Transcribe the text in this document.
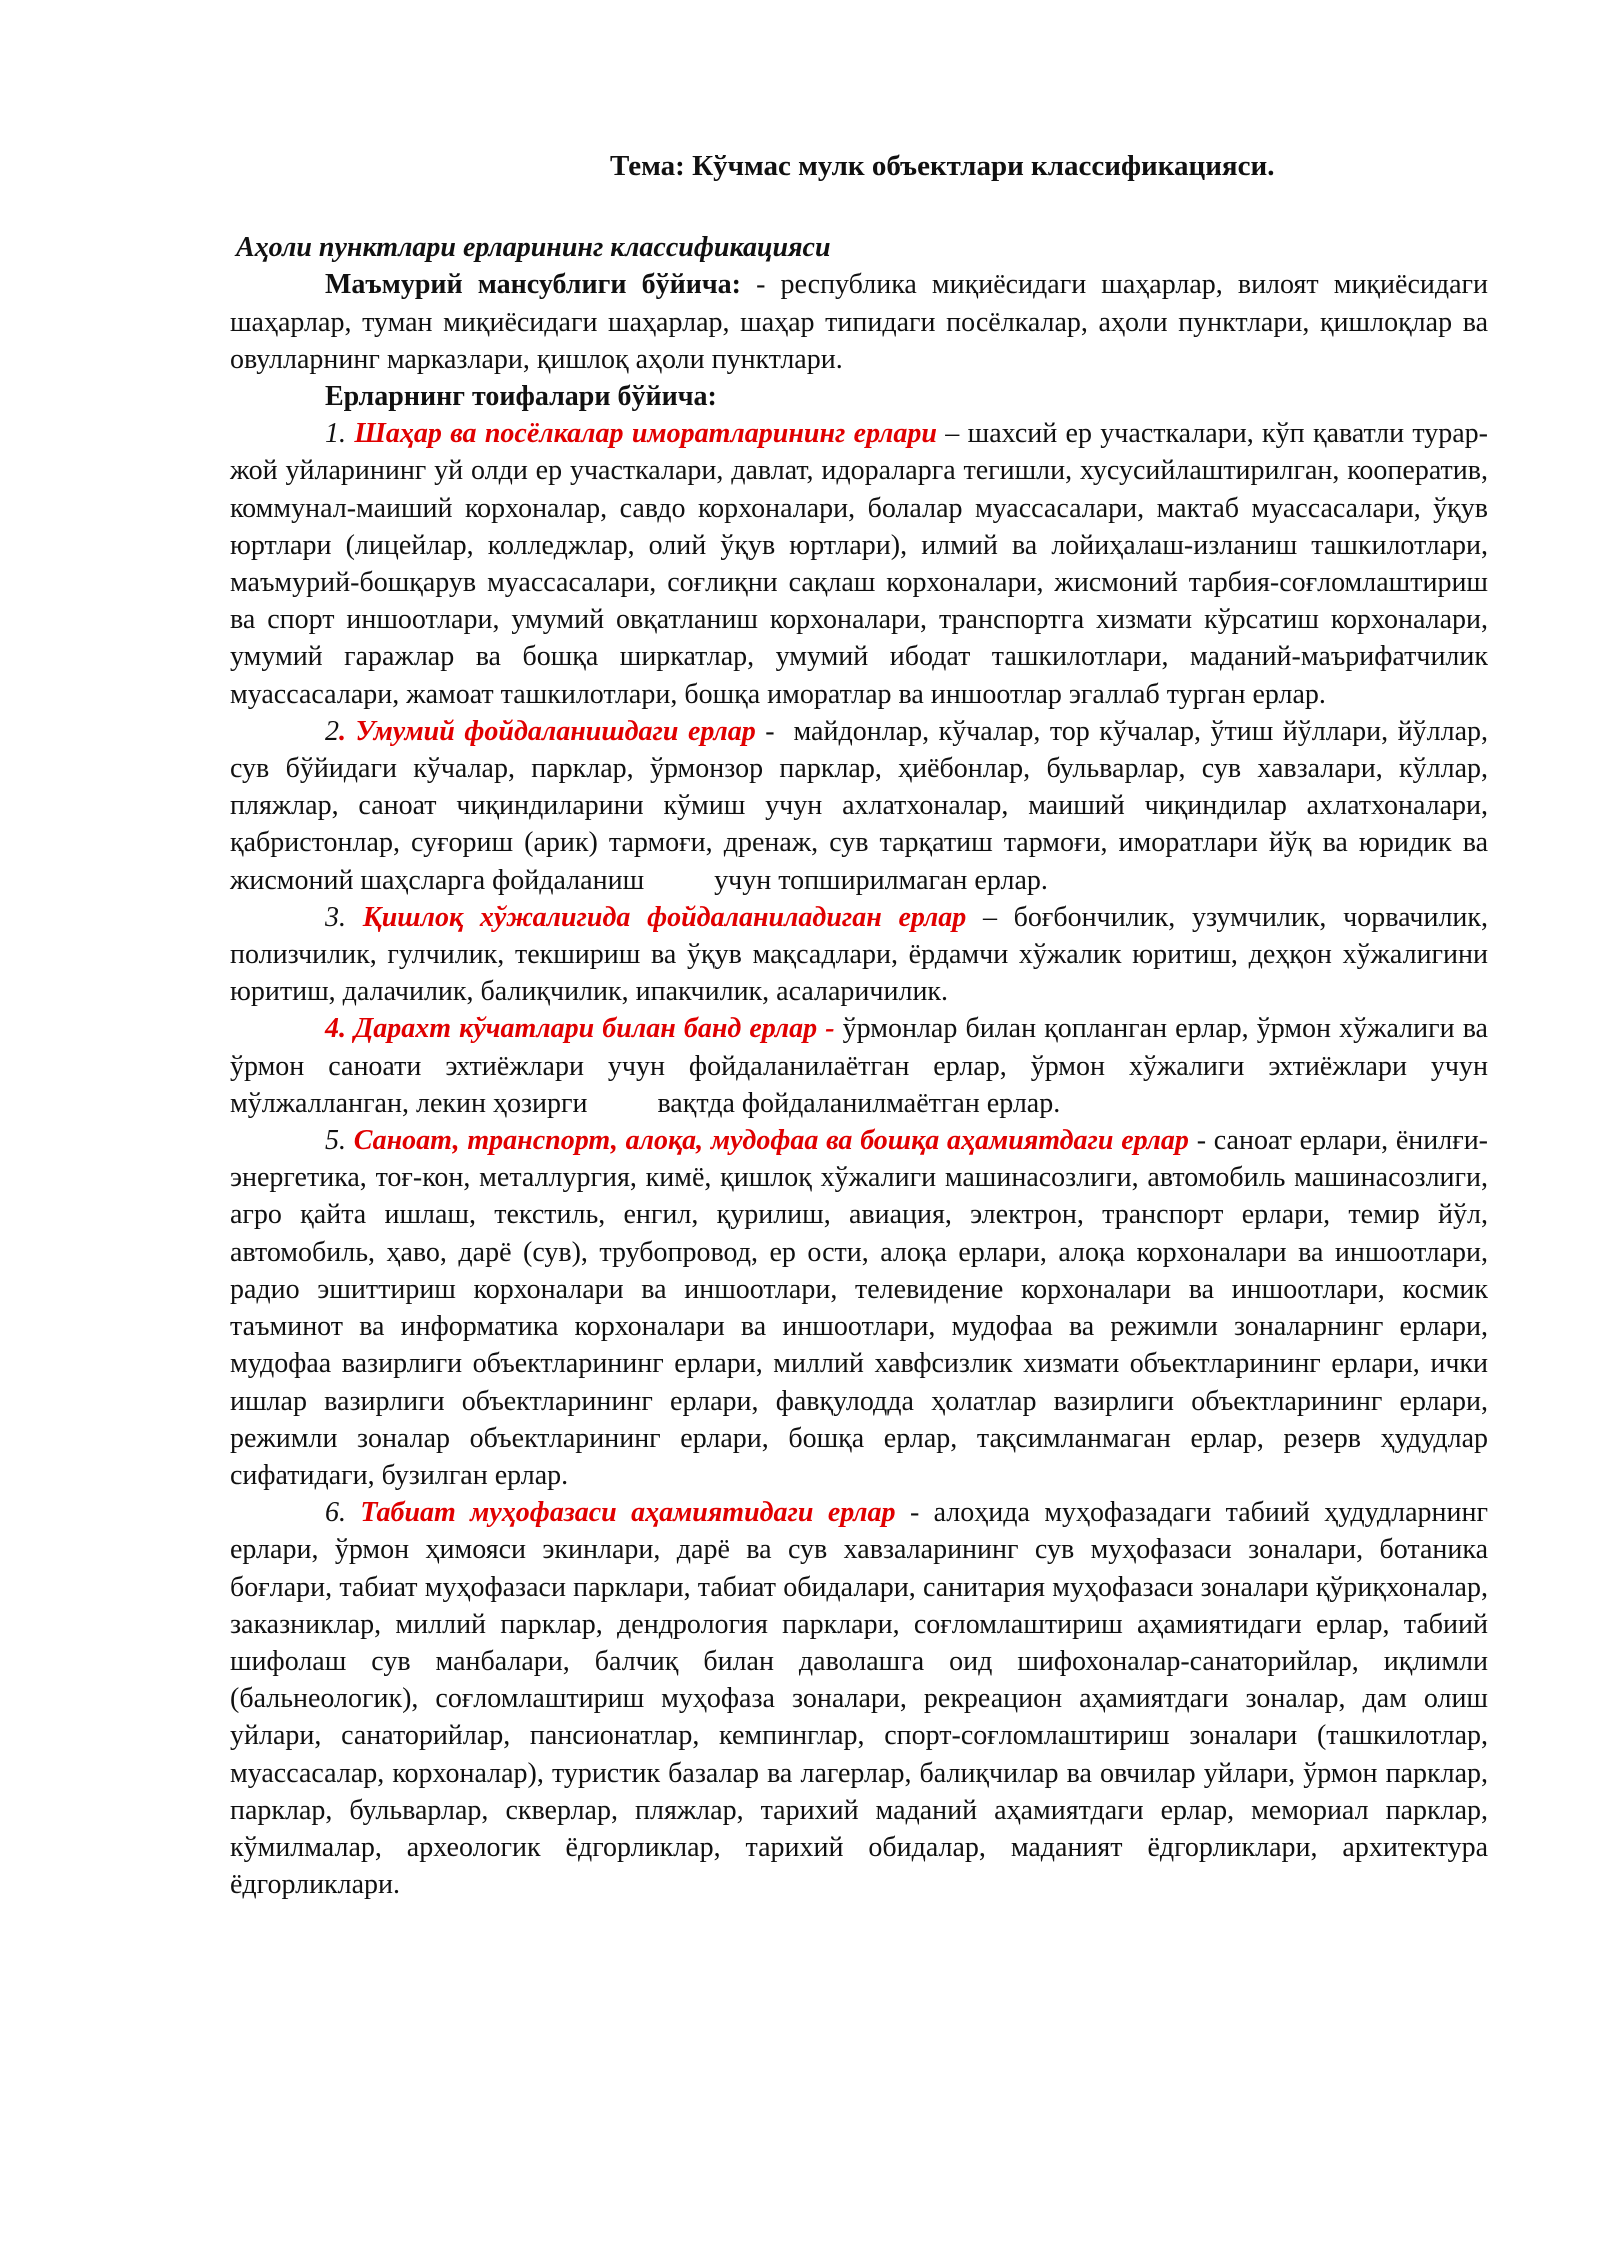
Тема: Кўчмас мулк объектлари классификацияси.
Аҳоли пунктлари ерларининг классификацияси

Маъмурий мансублиги бўйича: - республика миқиёсидаги шаҳарлар, вилоят миқиёсидаги шаҳарлар, туман миқиёсидаги шаҳарлар, шаҳар типидаги посёлкалар, аҳоли пунктлари, қишлоқлар ва овулларнинг марказлари, қишлоқ аҳоли пунктлари.

Ерларнинг тоифалари бўйича:

1. Шаҳар ва посёлкалар иморатларининг ерлари – шахсий ер участкалари, кўп қаватли турар-жой уйларининг уй олди ер участкалари, давлат, идораларга тегишли, хусусийлаштирилган, кооператив, коммунал-маиший корхоналар, савдо корхоналари, болалар муассасалари, мактаб муассасалари, ўқув юртлари (лицейлар, колледжлар, олий ўқув юртлари), илмий ва лойиҳалаш-изланиш ташкилотлари, маъмурий-бошқарув муассасалари, соғлиқни сақлаш корхоналари, жисмоний тарбия-соғломлаштириш ва спорт иншоотлари, умумий овқатланиш корхоналари, транспортга хизмати кўрсатиш корхоналари, умумий гаражлар ва бошқа ширкатлар, умумий ибодат ташкилотлари, маданий-маърифатчилик муассасалари, жамоат ташкилотлари, бошқа иморатлар ва иншоотлар эгаллаб турган ерлар.

2. Умумий фойдаланишдаги ерлар -  майдонлар, кўчалар, тор кўчалар, ўтиш йўллари, йўллар, сув бўйидаги кўчалар, парклар, ўрмонзор парклар, ҳиёбонлар, бульварлар, сув хавзалари, кўллар, пляжлар, саноат чиқиндиларини кўмиш учун ахлатхоналар, маиший чиқиндилар ахлатхоналари, қабристонлар, суғориш (арик) тармоғи, дренаж, сув тарқатиш тармоғи, иморатлари йўқ ва юридик ва жисмоний шаҳсларга фойдаланиш          учун топширилмаган ерлар.

3. Қишлоқ хўжалигида фойдаланиладиган ерлар – боғбончилик, узумчилик, чорвачилик, полизчилик, гулчилик, текшириш ва ўқув мақсадлари, ёрдамчи хўжалик юритиш, деҳқон хўжалигини юритиш, далачилик, балиқчилик, ипакчилик, асаларичилик.

4. Дарахт кўчатлари билан банд ерлар - ўрмонлар билан қопланган ерлар, ўрмон хўжалиги ва ўрмон саноати эхтиёжлари учун фойдаланилаётган ерлар, ўрмон хўжалиги эхтиёжлари учун мўлжалланган, лекин ҳозирги          вақтда фойдаланилмаётган ерлар.

5. Саноат, транспорт, алоқа, мудофаа ва бошқа аҳамиятдаги ерлар - саноат ерлари, ёнилғи-энергетика, тоғ-кон, металлургия, кимё, қишлоқ хўжалиги машинасозлиги, автомобиль машинасозлиги, агро қайта ишлаш, текстиль, енгил, қурилиш, авиация, электрон, транспорт ерлари, темир йўл, автомобиль, ҳаво, дарё (сув), трубопровод, ер ости, алоқа ерлари, алоқа корхоналари ва иншоотлари, радио эшиттириш корхоналари ва иншоотлари, телевидение корхоналари ва иншоотлари, космик таъминот ва информатика корхоналари ва иншоотлари, мудофаа ва режимли зоналарнинг ерлари, мудофаа вазирлиги объектларининг ерлари, миллий хавфсизлик хизмати объектларининг ерлари, ички ишлар вазирлиги объектларининг ерлари, фавқулодда ҳолатлар вазирлиги объектларининг ерлари, режимли зоналар объектларининг ерлари, бошқа ерлар, тақсимланмаган ерлар, резерв ҳудудлар сифатидаги, бузилган ерлар.

6. Табиат муҳофазаси аҳамиятидаги ерлар - алоҳида муҳофазадаги табиий ҳудудларнинг ерлари, ўрмон ҳимояси экинлари, дарё ва сув хавзаларининг сув муҳофазаси зоналари, ботаника боғлари, табиат муҳофазаси парклари, табиат обидалари, санитария муҳофазаси зоналари қўриқхоналар, заказниклар, миллий парклар, дендрология парклари, соғломлаштириш аҳамиятидаги ерлар, табиий шифолаш сув манбалари, балчиқ билан даволашга оид шифохоналар-санаторийлар, иқлимли (бальнеологик), соғломлаштириш муҳофаза зоналари, рекреацион аҳамиятдаги зоналар, дам олиш уйлари, санаторийлар, пансионатлар, кемпинглар, спорт-соғломлаштириш зоналари (ташкилотлар, муассасалар, корхоналар), туристик базалар ва лагерлар, балиқчилар ва овчилар уйлари, ўрмон парклар, парклар, бульварлар, скверлар, пляжлар, тарихий маданий аҳамиятдаги ерлар, мемориал парклар, кўмилмалар, археологик ёдгорликлар, тарихий обидалар, маданият ёдгорликлари, архитектура ёдгорликлари.
